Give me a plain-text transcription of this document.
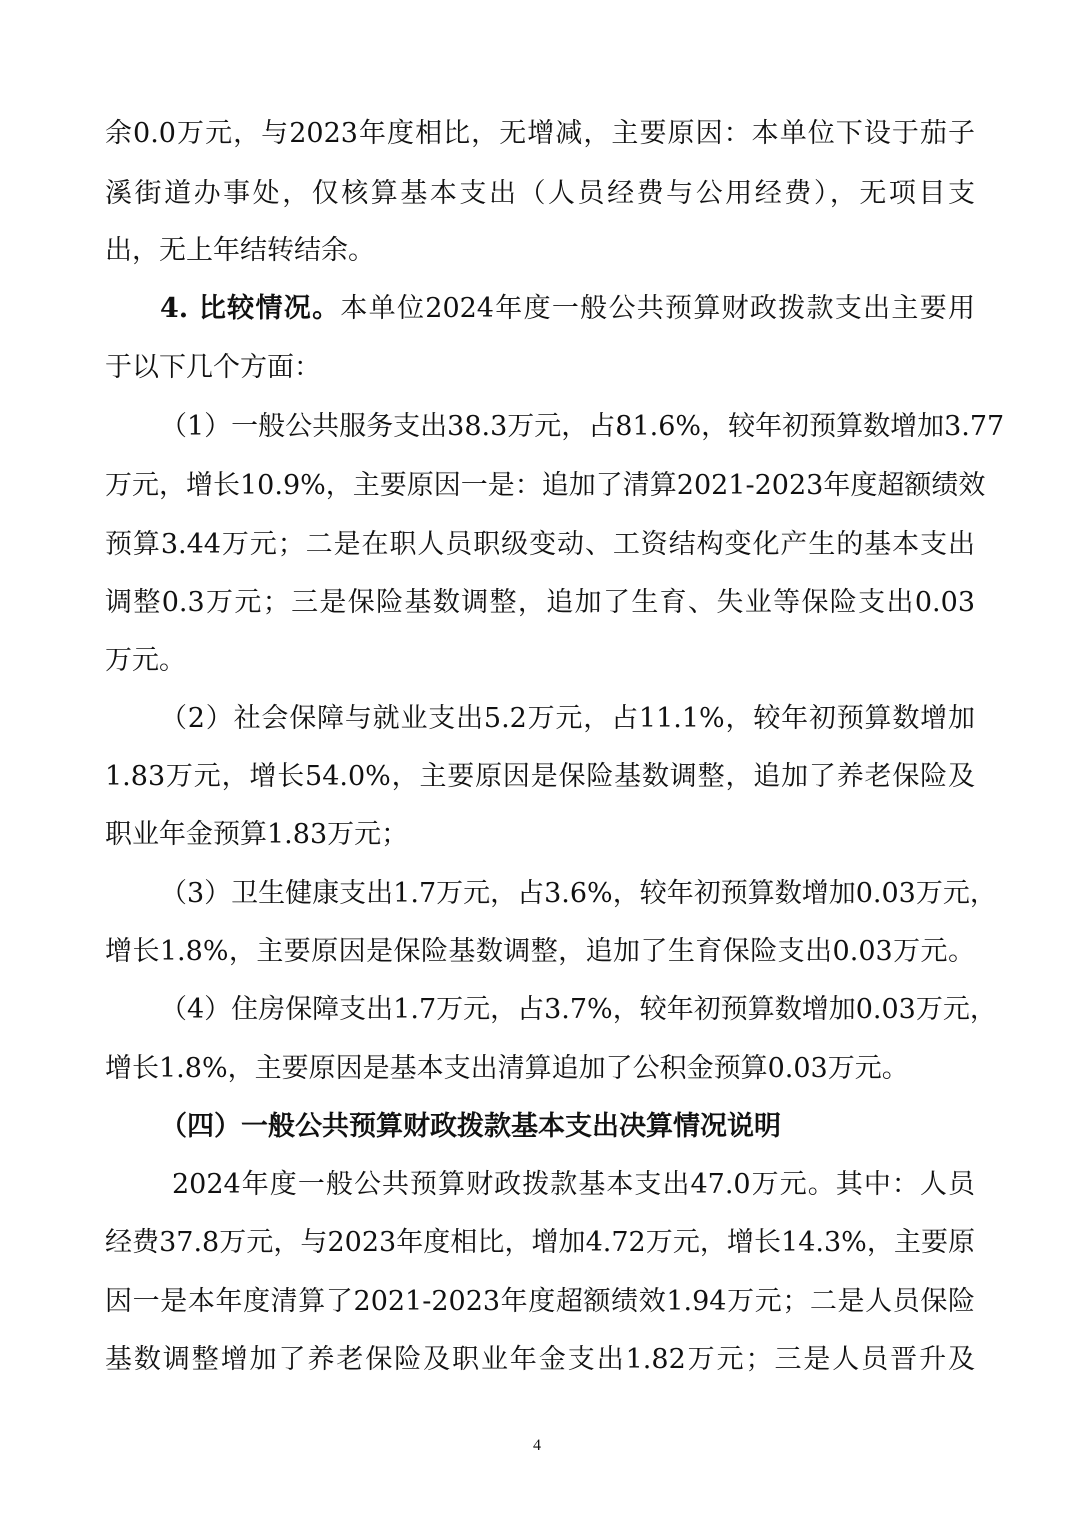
余0.0万元，与2023年度相比，无增减，主要原因：本单位下设于茄子
溪街道办事处，仅核算基本支出（人员经费与公用经费），无项目支
出，无上年结转结余。
4. 比较情况。本单位2024年度一般公共预算财政拨款支出主要用
于以下几个方面：
（1）一般公共服务支出38.3万元，占81.6%，较年初预算数增加3.77
万元，增长10.9%，主要原因一是：追加了清算2021-2023年度超额绩效
预算3.44万元；二是在职人员职级变动、工资结构变化产生的基本支出
调整0.3万元；三是保险基数调整，追加了生育、失业等保险支出0.03
万元。
（2）社会保障与就业支出5.2万元，占11.1%，较年初预算数增加
1.83万元，增长54.0%，主要原因是保险基数调整，追加了养老保险及
职业年金预算1.83万元；
（3）卫生健康支出1.7万元，占3.6%，较年初预算数增加0.03万元，
增长1.8%，主要原因是保险基数调整，追加了生育保险支出0.03万元。
（4）住房保障支出1.7万元，占3.7%，较年初预算数增加0.03万元，
增长1.8%，主要原因是基本支出清算追加了公积金预算0.03万元。
（四）一般公共预算财政拨款基本支出决算情况说明
2024年度一般公共预算财政拨款基本支出47.0万元。其中：人员
经费37.8万元，与2023年度相比，增加4.72万元，增长14.3%，主要原
因一是本年度清算了2021-2023年度超额绩效1.94万元；二是人员保险
基数调整增加了养老保险及职业年金支出1.82万元；三是人员晋升及
4
